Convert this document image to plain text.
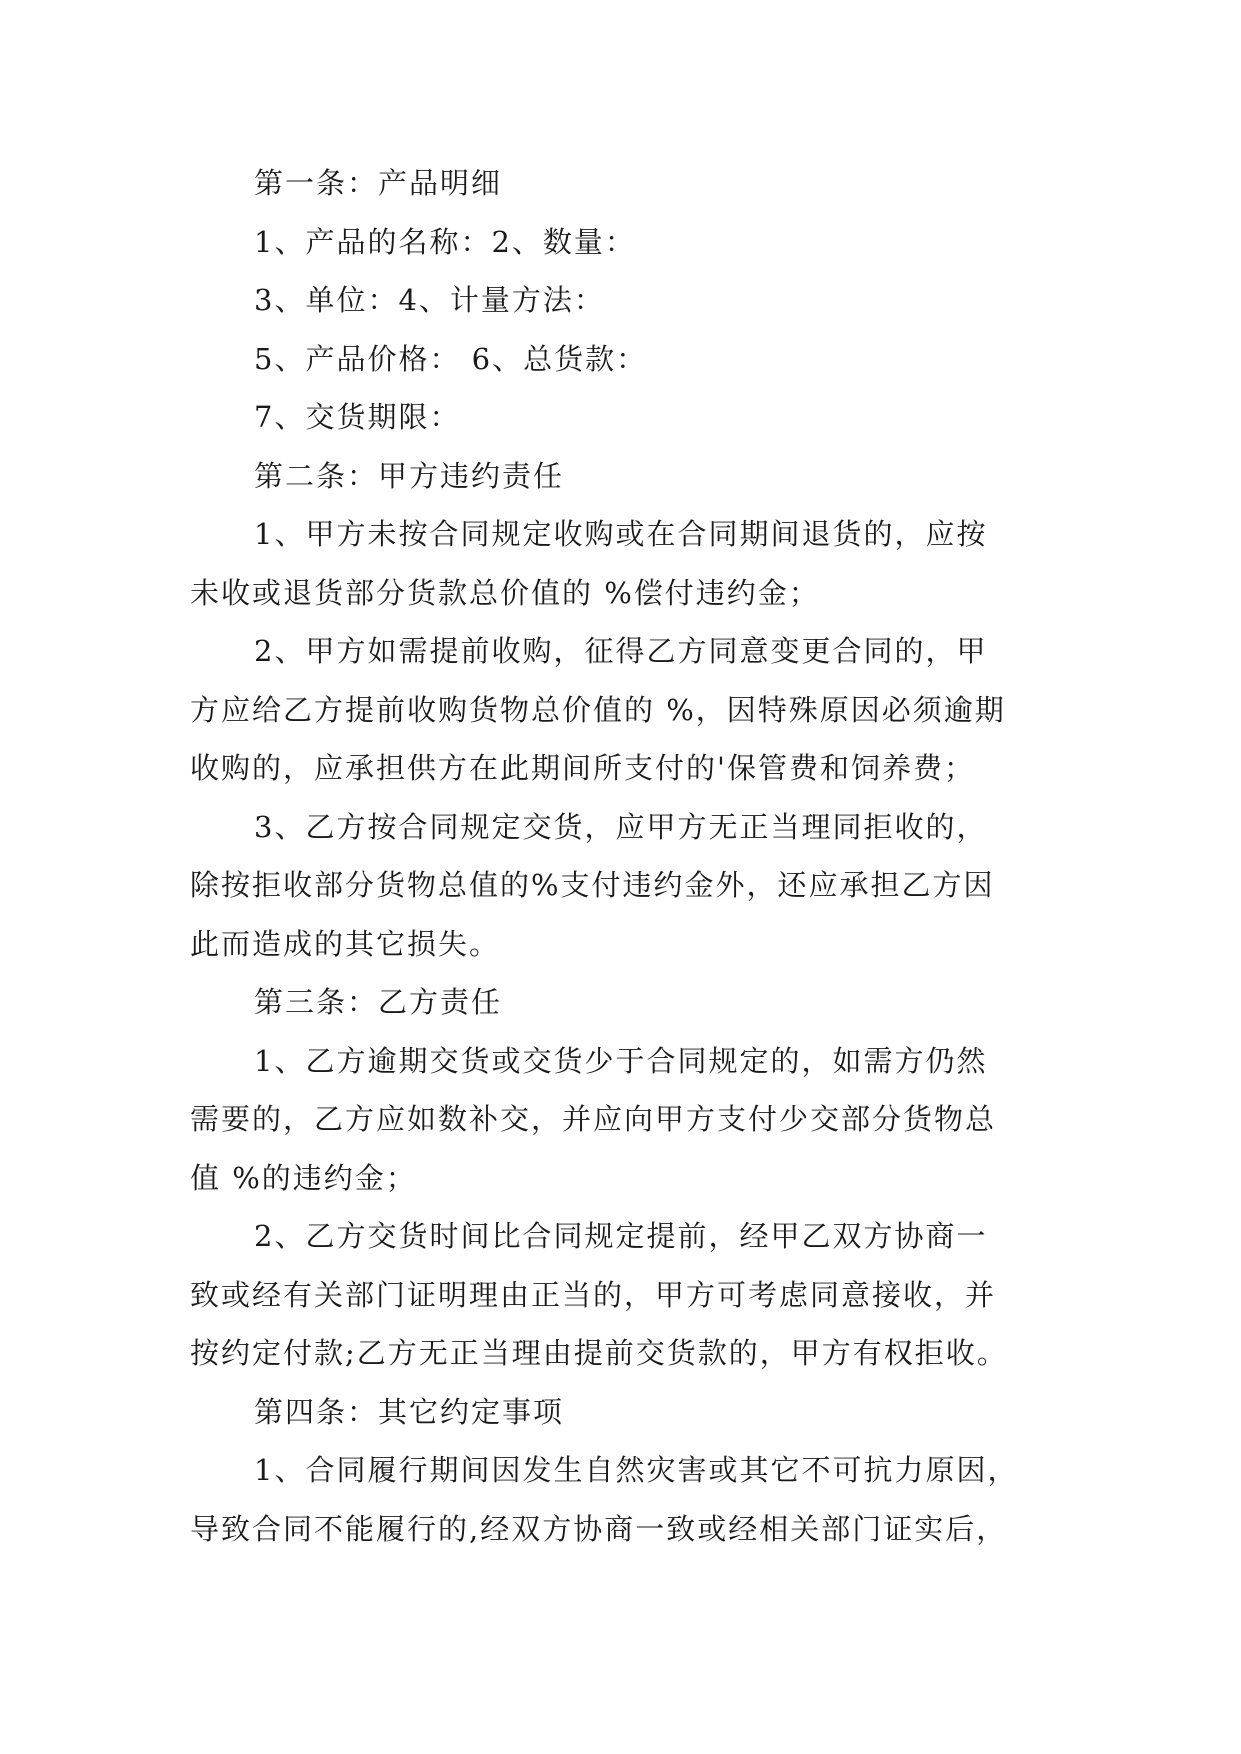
第一条：产品明细
1、产品的名称：2、数量：
3、单位：4、计量方法：
5、产品价格： 6、总货款：
7、交货期限：
第二条：甲方违约责任
1、甲方未按合同规定收购或在合同期间退货的，应按
未收或退货部分货款总价值的 %偿付违约金；
2、甲方如需提前收购，征得乙方同意变更合同的，甲
方应给乙方提前收购货物总价值的 %，因特殊原因必须逾期
收购的，应承担供方在此期间所支付的'保管费和饲养费；
3、乙方按合同规定交货，应甲方无正当理同拒收的，
除按拒收部分货物总值的%支付违约金外，还应承担乙方因
此而造成的其它损失。
第三条：乙方责任
1、乙方逾期交货或交货少于合同规定的，如需方仍然
需要的，乙方应如数补交，并应向甲方支付少交部分货物总
值 %的违约金；
2、乙方交货时间比合同规定提前，经甲乙双方协商一
致或经有关部门证明理由正当的，甲方可考虑同意接收，并
按约定付款;乙方无正当理由提前交货款的，甲方有权拒收。
第四条：其它约定事项
1、合同履行期间因发生自然灾害或其它不可抗力原因，
导致合同不能履行的,经双方协商一致或经相关部门证实后，
